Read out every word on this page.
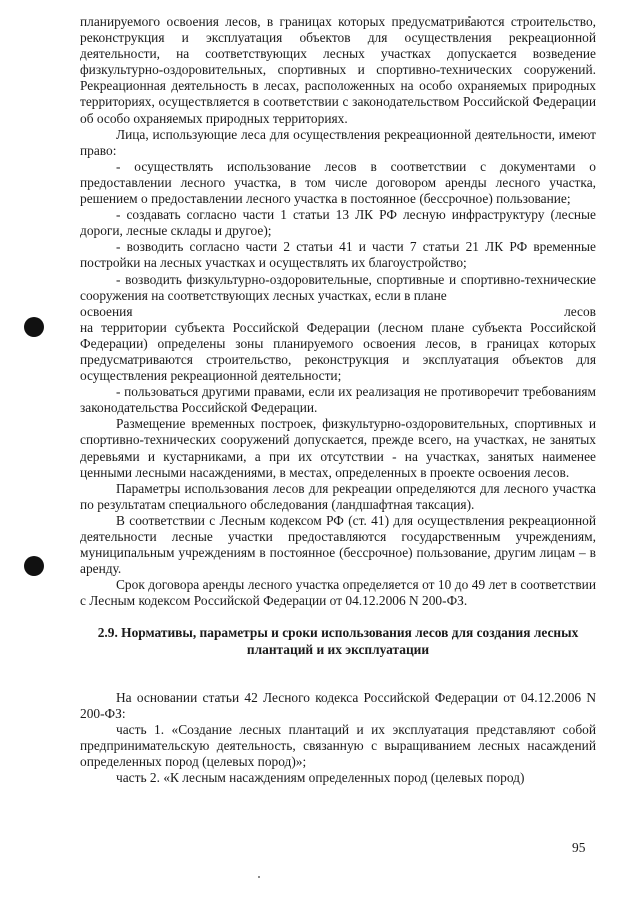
планируемого освоения лесов, в границах которых предусматриваются строительство, реконструкция и эксплуатация объектов для осуществления рекреационной деятельности, на соответствующих лесных участках допускается возведение физкультурно-оздоровительных, спортивных и спортивно-технических сооружений. Рекреационная деятельность в лесах, расположенных на особо охраняемых природных территориях, осуществляется в соответствии с законодательством Российской Федерации об особо охраняемых природных территориях.

Лица, использующие леса для осуществления рекреационной деятельности, имеют право:

- осуществлять использование лесов в соответствии с документами о предоставлении лесного участка, в том числе договором аренды лесного участка, решением о предоставлении лесного участка в постоянное (бессрочное) пользование;

- создавать согласно части 1 статьи 13 ЛК РФ лесную инфраструктуру (лесные дороги, лесные склады и другое);

- возводить согласно части 2 статьи 41 и части 7 статьи 21 ЛК РФ временные постройки на лесных участках и осуществлять их благоустройство;

- возводить физкультурно-оздоровительные, спортивные и спортивно-технические сооружения на соответствующих лесных участках, если в плане

освоения	лесов

на территории субъекта Российской Федерации (лесном плане субъекта Российской Федерации) определены зоны планируемого освоения лесов, в границах которых предусматриваются строительство, реконструкция и эксплуатация объектов для осуществления рекреационной деятельности;

- пользоваться другими правами, если их реализация не противоречит требованиям законодательства Российской Федерации.

Размещение временных построек, физкультурно-оздоровительных, спортивных и спортивно-технических сооружений допускается, прежде всего, на участках, не занятых деревьями и кустарниками, а при их отсутствии - на участках, занятых наименее ценными лесными насаждениями, в местах, определенных в проекте освоения лесов.

Параметры использования лесов для рекреации определяются для лесного участка по результатам специального обследования (ландшафтная таксация).

В соответствии с Лесным кодексом РФ (ст. 41) для осуществления рекреационной деятельности лесные участки предоставляются государственным учреждениям, муниципальным учреждениям в постоянное (бессрочное) пользование, другим лицам – в аренду.

Срок договора аренды лесного участка определяется от 10 до 49 лет в соответствии с Лесным кодексом Российской Федерации от 04.12.2006 N 200-ФЗ.

2.9. Нормативы, параметры и сроки использования лесов для создания лесных плантаций и их эксплуатации

На основании статьи 42 Лесного кодекса Российской Федерации от 04.12.2006 N 200-ФЗ:

часть 1. «Создание лесных плантаций и их эксплуатация представляют собой предпринимательскую деятельность, связанную с выращиванием лесных насаждений определенных пород (целевых пород)»;

часть 2. «К лесным насаждениям определенных пород (целевых пород)

95
